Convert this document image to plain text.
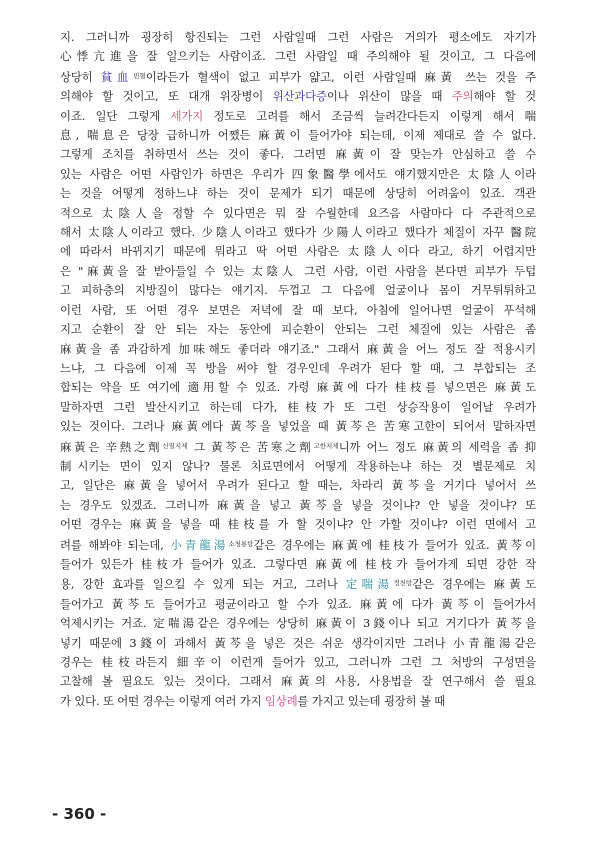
지. 그러니까 굉장히 항진되는 그런 사람일때 그런 사람은 거의가 평소에도 자기가
心悸亢進을 잘 일으키는 사람이죠. 그런 사람일 때 주의해야 될 것이고, 그 다음에
상당히 貧血$^{빈혈}$이라든가 혈색이 없고 피부가 얇고, 이런 사람일때 麻黃 쓰는 것을 주
의해야 할 것이고, 또 대개 위장병이 위산과다증이나 위산이 많을 때 주의해야 할 것
이죠. 일단 그렇게 세가지 정도로 고려를 해서 조금씩 늘려간다든지 이렇게 해서 喘
息, 喘息은 당장 급하니까 어쨌든 麻黃이 들어가야 되는데, 이제 제대로 쓸 수 없다.
그렇게 조치를 취하면서 쓰는 것이 좋다. 그러면 麻黃이 잘 맞는가 안심하고 쓸 수
있는 사람은 어떤 사람인가 하면은 우리가 四象醫學에서도 얘기했지만은 太陰人이라
는 것을 어떻게 정하느냐 하는 것이 문제가 되기 때문에 상당히 어려움이 있죠. 객관
적으로 太陰人을 정할 수 있다면은 뭐 잘 수월한데 요즈음 사람마다 다 주관적으로
해서 太陰人이라고 했다. 少陰人이라고 했다가 少陽人이라고 했다가 체질이 자꾸 醫院
에 따라서 바뀌지기 때문에 뭐라고 딱 어떤 사람은 太陰人이다 라고, 하기 어렵지만
은 "麻黃을 잘 받아들일 수 있는 太陰人 그런 사람, 이런 사람을 본다면 피부가 두텁
고 피하층의 지방질이 많다는 얘기지. 두껍고 그 다음에 얼굴이나 몸이 거무튀튀하고
이런 사람, 또 어떤 경우 보면은 저녁에 잘 때 보다, 아침에 일어나면 얼굴이 푸석해
지고 순환이 잘 안 되는 자는 동안에 피순환이 안되는 그런 체질에 있는 사람은 좀
麻黃을 좀 과감하게 加味해도 좋더라 얘기죠." 그래서 麻黃을 어느 정도 잘 적용시키
느냐, 그 다음에 이제 꼭 방을 써야 할 경우인데 우려가 된다 할 때, 그 부합되는 조
합되는 약을 또 여기에 適用할 수 있죠. 가령 麻黃에 다가 桂枝를 넣으면은 麻黃도
말하자면 그런 발산시키고 하는데 다가, 桂枝가 또 그런 상승작용이 일어날 우려가
있는 것이다. 그러나 麻黃에다 黃芩을 넣었을 때 黃芩은 苦寒고한이 되어서 말하자면
麻黃은 辛熱之劑$^{신열지제}$ 그 黃芩은 苦寒之劑$^{고한지제}$니까 어느 정도 麻黃의 세력을 좀 抑
制시키는 면이 있지 않나? 물론 치료면에서 어떻게 작용하는냐 하는 것 별문제로 치
고, 일단은 麻黃을 넣어서 우려가 된다고 할 때는, 차라리 黃芩을 거기다 넣어서 쓰
는 경우도 있겠죠. 그러니까 麻黃을 넣고 黃芩을 넣을 것이냐? 안 넣을 것이냐? 또
어떤 경우는 麻黃을 넣을 때 桂枝를 가 할 것이냐? 안 가할 것이냐? 이런 면에서 고
려를 해봐야 되는데, 小青龍湯$^{소청룡탕}$같은 경우에는 麻黃에 桂枝가 들어가 있죠. 黃芩이
들어가 있든가 桂枝가 들어가 있죠. 그렇다면 麻黃에 桂枝가 들어가게 되면 강한 작
용, 강한 효과를 일으킬 수 있게 되는 거고, 그러나 定喘湯$^{정천탕}$같은 경우에는 麻黃도
들어가고 黃芩도 들어가고 평균이라고 할 수가 있죠. 麻黃에 다가 黃芩이 들어가서
억제시키는 거죠. 定喘湯같은 경우에는 상당히 麻黃이 3錢이나 되고 거기다가 黃芩을
넣기 때문에 3錢이 과해서 黃芩을 넣은 것은 쉬운 생각이지만 그러나 小青龍湯같은
경우는 桂枝라든지 細辛이 이런게 들어가 있고, 그러니까 그런 그 처방의 구성면을
고찰해 볼 필요도 있는 것이다. 그래서 麻黃의 사용, 사용법을 잘 연구해서 쓸 필요
가 있다. 또 어떤 경우는 이렇게 여러 가지 임상례를 가지고 있는데 굉장히 볼 때
- 360 -
